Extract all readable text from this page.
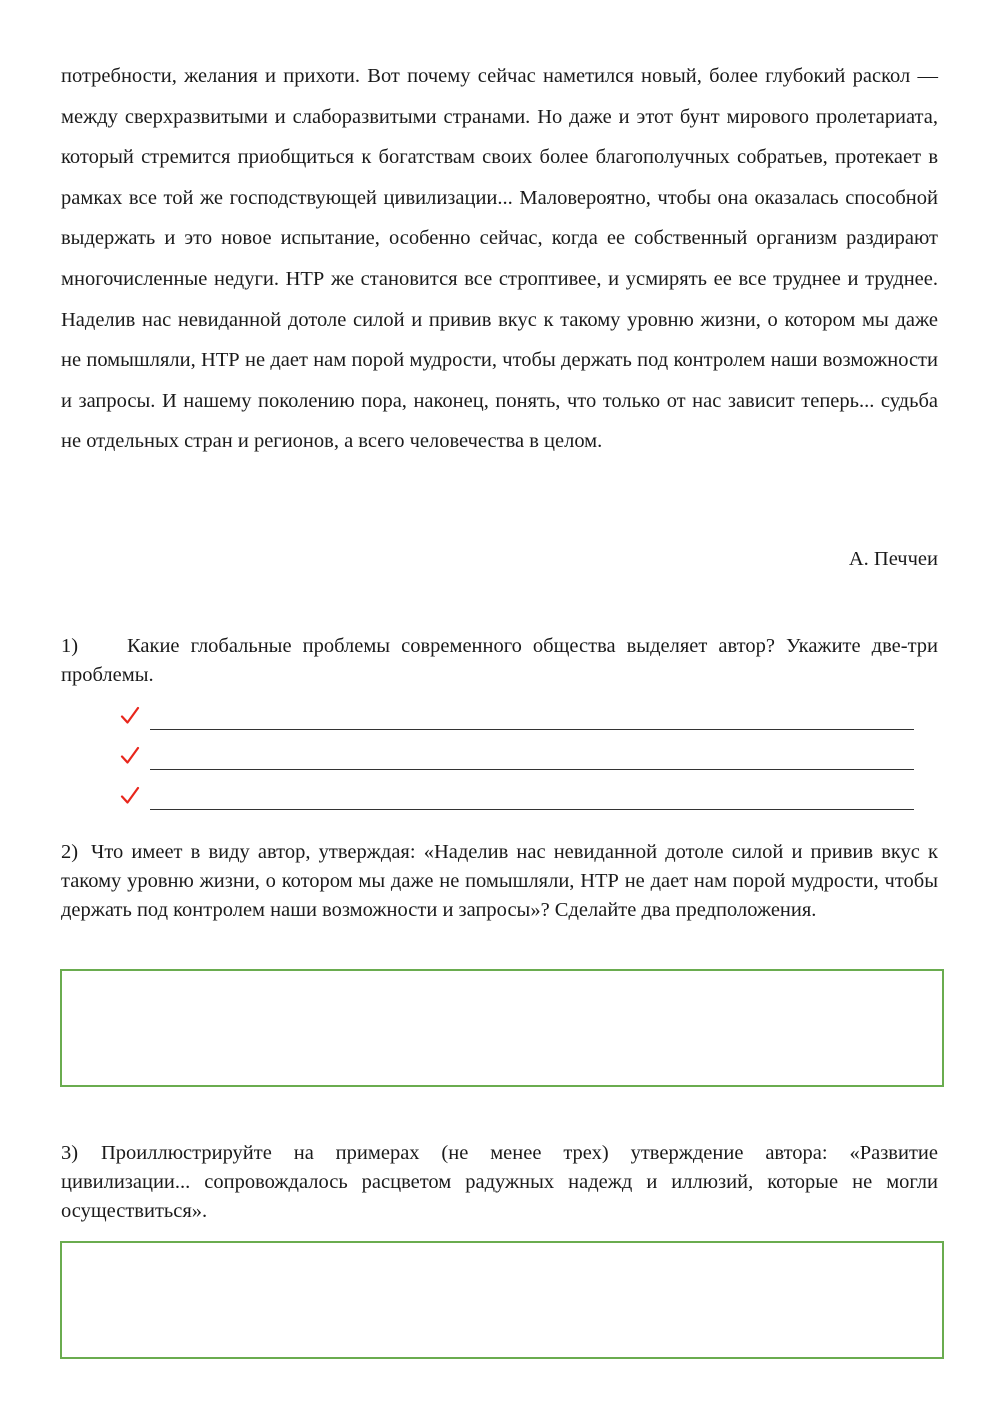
потребности, желания и прихоти. Вот почему сейчас наметился новый, более глубокий раскол — между сверхразвитыми и слаборазвитыми странами. Но даже и этот бунт мирового пролетариата, который стремится приобщиться к богатствам своих более благополучных собратьев, протекает в рамках все той же господствующей цивилизации... Маловероятно, чтобы она оказалась способной выдержать и это новое испытание, особенно сейчас, когда ее собственный организм раздирают многочисленные недуги. НТР же становится все строптивее, и усмирять ее все труднее и труднее. Наделив нас невиданной дотоле силой и привив вкус к такому уровню жизни, о котором мы даже не помышляли, НТР не дает нам порой мудрости, чтобы держать под контролем наши возможности и запросы. И нашему поколению пора, наконец, понять, что только от нас зависит теперь... судьба не отдельных стран и регионов, а всего человечества в целом.

А. Печчеи

1) Какие глобальные проблемы современного общества выделяет автор? Укажите две-три проблемы.

2) Что имеет в виду автор, утверждая: «Наделив нас невиданной дотоле силой и привив вкус к такому уровню жизни, о котором мы даже не помышляли, НТР не дает нам порой мудрости, чтобы держать под контролем наши возможности и запросы»? Сделайте два предположения.

3) Проиллюстрируйте на примерах (не менее трех) утверждение автора: «Развитие цивилизации... сопровождалось расцветом радужных надежд и иллюзий, которые не могли осуществиться».
